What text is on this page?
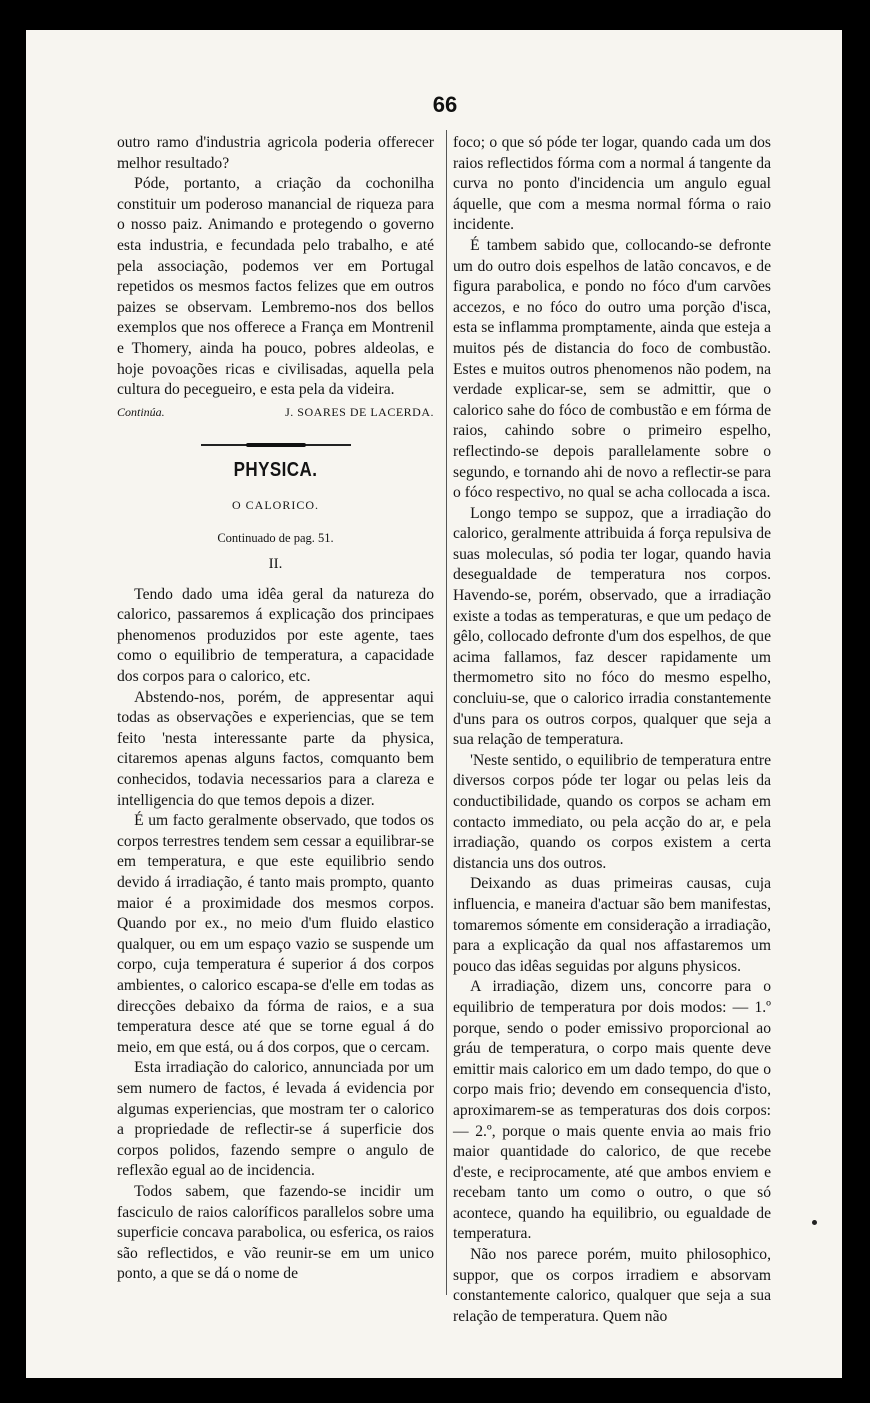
66

outro ramo d'industria agricola poderia offerecer melhor resultado?

Póde, portanto, a criação da cochonilha constituir um poderoso manancial de riqueza para o nosso paiz. Animando e protegendo o governo esta industria, e fecundada pelo trabalho, e até pela associação, podemos ver em Portugal repetidos os mesmos factos felizes que em outros paizes se observam. Lembremo-nos dos bellos exemplos que nos offerece a França em Montrenil e Thomery, ainda ha pouco, pobres aldeolas, e hoje povoações ricas e civilisadas, aquella pela cultura do pecegueiro, e esta pela da videira.

Continúa.	J. SOARES DE LACERDA.
PHYSICA.
O CALORICO.
Continuado de pag. 51.
II.

Tendo dado uma idêa geral da natureza do calorico, passaremos á explicação dos principaes phenomenos produzidos por este agente, taes como o equilibrio de temperatura, a capacidade dos corpos para o calorico, etc.

Abstendo-nos, porém, de appresentar aqui todas as observações e experiencias, que se tem feito 'nesta interessante parte da physica, citaremos apenas alguns factos, comquanto bem conhecidos, todavia necessarios para a clareza e intelligencia do que temos depois a dizer.

É um facto geralmente observado, que todos os corpos terrestres tendem sem cessar a equilibrar-se em temperatura, e que este equilibrio sendo devido á irradiação, é tanto mais prompto, quanto maior é a proximidade dos mesmos corpos. Quando por ex., no meio d'um fluido elastico qualquer, ou em um espaço vazio se suspende um corpo, cuja temperatura é superior á dos corpos ambientes, o calorico escapa-se d'elle em todas as direcções debaixo da fórma de raios, e a sua temperatura desce até que se torne egual á do meio, em que está, ou á dos corpos, que o cercam.

Esta irradiação do calorico, annunciada por um sem numero de factos, é levada á evidencia por algumas experiencias, que mostram ter o calorico a propriedade de reflectir-se á superficie dos corpos polidos, fazendo sempre o angulo de reflexão egual ao de incidencia.

Todos sabem, que fazendo-se incidir um fasciculo de raios caloríficos parallelos sobre uma superficie concava parabolica, ou esferica, os raios são reflectidos, e vão reunir-se em um unico ponto, a que se dá o nome de

foco; o que só póde ter logar, quando cada um dos raios reflectidos fórma com a normal á tangente da curva no ponto d'incidencia um angulo egual áquelle, que com a mesma normal fórma o raio incidente.

É tambem sabido que, collocando-se defronte um do outro dois espelhos de latão concavos, e de figura parabolica, e pondo no fóco d'um carvões accezos, e no fóco do outro uma porção d'isca, esta se inflamma promptamente, ainda que esteja a muitos pés de distancia do foco de combustão. Estes e muitos outros phenomenos não podem, na verdade explicar-se, sem se admittir, que o calorico sahe do fóco de combustão e em fórma de raios, cahindo sobre o primeiro espelho, reflectindo-se depois parallelamente sobre o segundo, e tornando ahi de novo a reflectir-se para o fóco respectivo, no qual se acha collocada a isca.

Longo tempo se suppoz, que a irradiação do calorico, geralmente attribuida á força repulsiva de suas moleculas, só podia ter logar, quando havia desegualdade de temperatura nos corpos. Havendo-se, porém, observado, que a irradiação existe a todas as temperaturas, e que um pedaço de gêlo, collocado defronte d'um dos espelhos, de que acima fallamos, faz descer rapidamente um thermometro sito no fóco do mesmo espelho, concluiu-se, que o calorico irradia constantemente d'uns para os outros corpos, qualquer que seja a sua relação de temperatura.

'Neste sentido, o equilibrio de temperatura entre diversos corpos póde ter logar ou pelas leis da conductibilidade, quando os corpos se acham em contacto immediato, ou pela acção do ar, e pela irradiação, quando os corpos existem a certa distancia uns dos outros.

Deixando as duas primeiras causas, cuja influencia, e maneira d'actuar são bem manifestas, tomaremos sómente em consideração a irradiação, para a explicação da qual nos affastaremos um pouco das idêas seguidas por alguns physicos.

A irradiação, dizem uns, concorre para o equilibrio de temperatura por dois modos: — 1.º porque, sendo o poder emissivo proporcional ao gráu de temperatura, o corpo mais quente deve emittir mais calorico em um dado tempo, do que o corpo mais frio; devendo em consequencia d'isto, aproximarem-se as temperaturas dos dois corpos: — 2.º, porque o mais quente envia ao mais frio maior quantidade do calorico, de que recebe d'este, e reciprocamente, até que ambos enviem e recebam tanto um como o outro, o que só acontece, quando ha equilibrio, ou egualdade de temperatura.

Não nos parece porém, muito philosophico, suppor, que os corpos irradiem e absorvam constantemente calorico, qualquer que seja a sua relação de temperatura. Quem não
